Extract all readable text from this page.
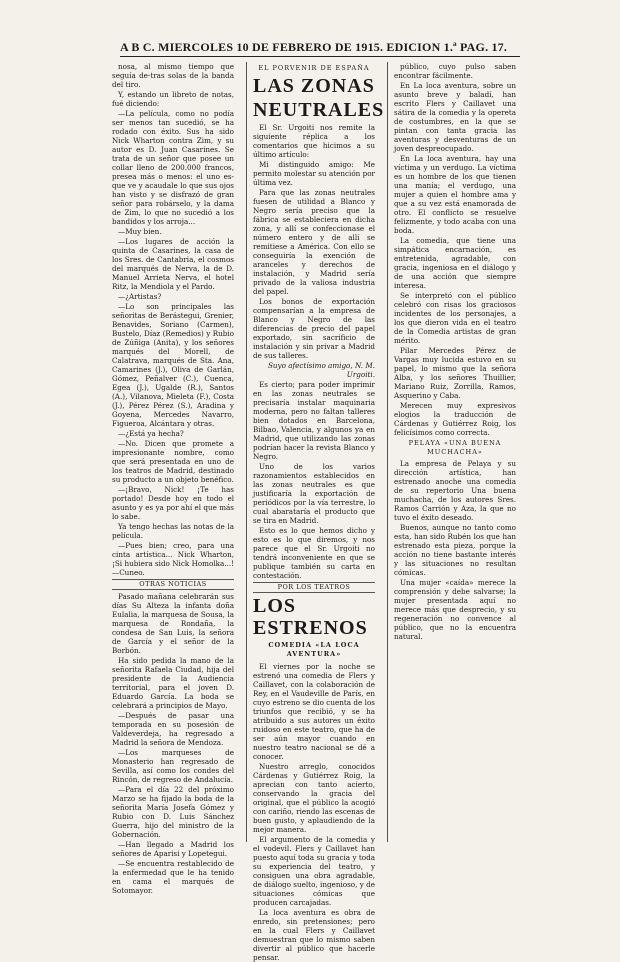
A B C. MIERCOLES 10 DE FEBRERO DE 1915. EDICION 1.ª PAG. 17.

nosa, al mismo tiempo que seguía de-tras solas de la banda del tiro.

Y, estando un libreto de notas, fué diciendo:

—La película, como no podía ser menos tan sucedió, se ha rodado con éxito. Sus ha sido Nick Wharton contra Zim, y su autor es D. Juan Casarines. Se trata de un señor que posee un collar lleno de 200.000 francos, presea más o menos: el uno es-que ve y acaudale lo que sus ojos han visto y se disfrazó de gran señor para robárselo, y la dama de Zim, lo que no sucedió a los bandidos y los arroja...

—Muy bien.

—Los lugares de acción la quinta de Casarines, la casa de los Sres. de Cantabria, el cosmos del marqués de Nerva, la de D. Manuel Arrieta Nerva, el hotel Ritz, la Mendiola y el Pardo.

—¿Artistas?

—Lo son principales las señoritas de Berástegui, Grenier, Benavides, Soriano (Carmen), Bustelo, Díaz (Remedios) y Rubio de Zúñiga (Anita), y los señores marqués del Morell, de Calatrava, marqués de Sta. Ana, Camarines (J.), Oliva de Garlán, Gómez, Peñalver (C.), Cuenca, Egea (J.), Ugalde (R.), Santos (A.), Vilanova, Mieleta (F.), Costa (J.), Pérez Pérez (S.), Aradina y Goyena, Mercedes Navarro, Figueroa, Alcántara y otras.

—¿Está ya hecha?

—No. Dicen que promete a impresionante nombre, como que será presentada en uno de los teatros de Madrid, destinado su producto a un objeto benéfico.

—¡Bravo, Nick! ¡Te has portado! Desde hoy en todo el asunto y es ya por ahí el que más lo sabe.

Ya tengo hechas las notas de la película.

—Pues bien; creo, para una cinta artística... Nick Wharton, ¡Si hubiera sido Nick Homolka...! —Cuneo.

OTRAS NOTICIAS

Pasado mañana celebrarán sus días Su Alteza la infanta doña Eulalia, la marquesa de Sousa, la marquesa de Rondaña, la condesa de San Luis, la señora de García y el señor de la Borbón.

Ha sido pedida la mano de la señorita Rafaela Ciudad, hija del presidente de la Audiencia territorial, para el joven D. Eduardo García. La boda se celebrará a principios de Mayo.

—Después de pasar una temporada en su posesión de Valdeverdeja, ha regresado a Madrid la señora de Mendoza.

—Los marqueses de Monasterio han regresado de Sevilla, así como los condes del Rincón, de regreso de Andalucía.

—Para el día 22 del próximo Marzo se ha fijado la boda de la señorita María Josefa Gómez y Rubio con D. Luis Sánchez Guerra, hijo del ministro de la Gobernación.

—Han llegado a Madrid los señores de Aparisi y Lopetegui.

—Se encuentra restablecido de la enfermedad que le ha tenido en cama el marqués de Sotomayor.

EL PORVENIR DE ESPAÑA
LAS ZONAS
NEUTRALES

El Sr. Urgoiti nos remite la siguiente réplica a los comentarios que hicimos a su último artículo:

Mi distinguido amigo: Me permito molestar su atención por última vez.

Para que las zonas neutrales fuesen de utilidad a Blanco y Negro sería preciso que la fábrica se estableciera en dicha zona, y allí se confeccionase el número entero y de allí se remitiese a América. Con ello se conseguiría la exención de aranceles y derechos de instalación, y Madrid sería privado de la valiosa industria del papel.

Los bonos de exportación compensarían a la empresa de Blanco y Negro de las diferencias de precio del papel exportado, sin sacrificio de instalación y sin privar a Madrid de sus talleres.

Suyo afectísimo amigo, N. M. Urgoiti.

Es cierto; para poder imprimir en las zonas neutrales se precisaría instalar maquinaria moderna, pero no faltan talleres bien dotados en Barcelona, Bilbao, Valencia, y algunos ya en Madrid, que utilizando las zonas podrían hacer la revista Blanco y Negro.

Uno de los varios razonamientos establecidos en las zonas neutrales es que justificaría la exportación de periódicos por la vía terrestre, lo cual abarataría el producto que se tira en Madrid.

Esto es lo que hemos dicho y esto es lo que diremos, y nos parece que el Sr. Urgoiti no tendrá inconveniente en que se publique también su carta en contestación.

POR LOS TEATROS
LOS ESTRENOS
COMEDIA «LA LOCA AVENTURA»

El viernes por la noche se estrenó una comedia de Flers y Caillavet, con la colaboración de Rey, en el Vaudeville de París, en cuyo estreno se dio cuenta de los triunfos que recibió, y se ha atribuido a sus autores un éxito ruidoso en este teatro, que ha de ser aún mayor cuando en nuestro teatro nacional se dé a conocer.

Nuestro arreglo, conocidos Cárdenas y Gutiérrez Roig, la aprecian con tanto acierto, conservando la gracia del original, que el público la acogió con cariño, riendo las escenas de buen gusto, y aplaudiendo de la mejor manera.

El argumento de la comedia y el vodevil. Flers y Caillavet han puesto aquí toda su gracia y toda su experiencia del teatro, y consiguen una obra agradable, de diálogo suelto, ingenioso, y de situaciones cómicas que producen carcajadas.

La loca aventura es obra de enredo, sin pretensiones; pero en la cual Flers y Caillavet demuestran que lo mismo saben divertir al público que hacerle pensar.

público, cuyo pulso saben encontrar fácilmente.

En La loca aventura, sobre un asunto breve y baladí, han escrito Flers y Caillavet una sátira de la comedia y la opereta de costumbres, en la que se pintan con tanta gracia las aventuras y desventuras de un joven despreocupado.

En La loca aventura, hay una víctima y un verdugo. La víctima es un hombre de los que tienen una manía; el verdugo, una mujer a quien el hombre ama y que a su vez está enamorada de otro. El conflicto se resuelve felizmente, y todo acaba con una boda.

La comedia, que tiene una simpática encarnación, es entretenida, agradable, con gracia, ingeniosa en el diálogo y de una acción que siempre interesa.

Se interpretó con el público celebró con risas los graciosos incidentes de los personajes, a los que dieron vida en el teatro de la Comedia artistas de gran mérito.

Pilar Mercedes Pérez de Vargas muy lucida estuvo en su papel, lo mismo que la señora Alba, y los señores Thuillier, Mariano Ruiz, Zorrilla, Ramos, Asquerino y Caba.

Merecen muy expresivos elogios la traducción de Cárdenas y Gutiérrez Roig, los felicísimos como correcta.

PELAYA «UNA BUENA MUCHACHA»

La empresa de Pelaya y su dirección artística, han estrenado anoche una comedia de su repertorio Una buena muchacha, de los autores Sres. Ramos Carrión y Aza, la que no tuvo el éxito deseado.

Buenos, aunque no tanto como esta, han sido Rubén los que han estrenado esta pieza, porque la acción no tiene bastante interés y las situaciones no resultan cómicas.

Una mujer «caída» merece la comprensión y debe salvarse; la mujer presentada aquí no merece más que desprecio, y su regeneración no convence al público, que no la encuentra natural.
